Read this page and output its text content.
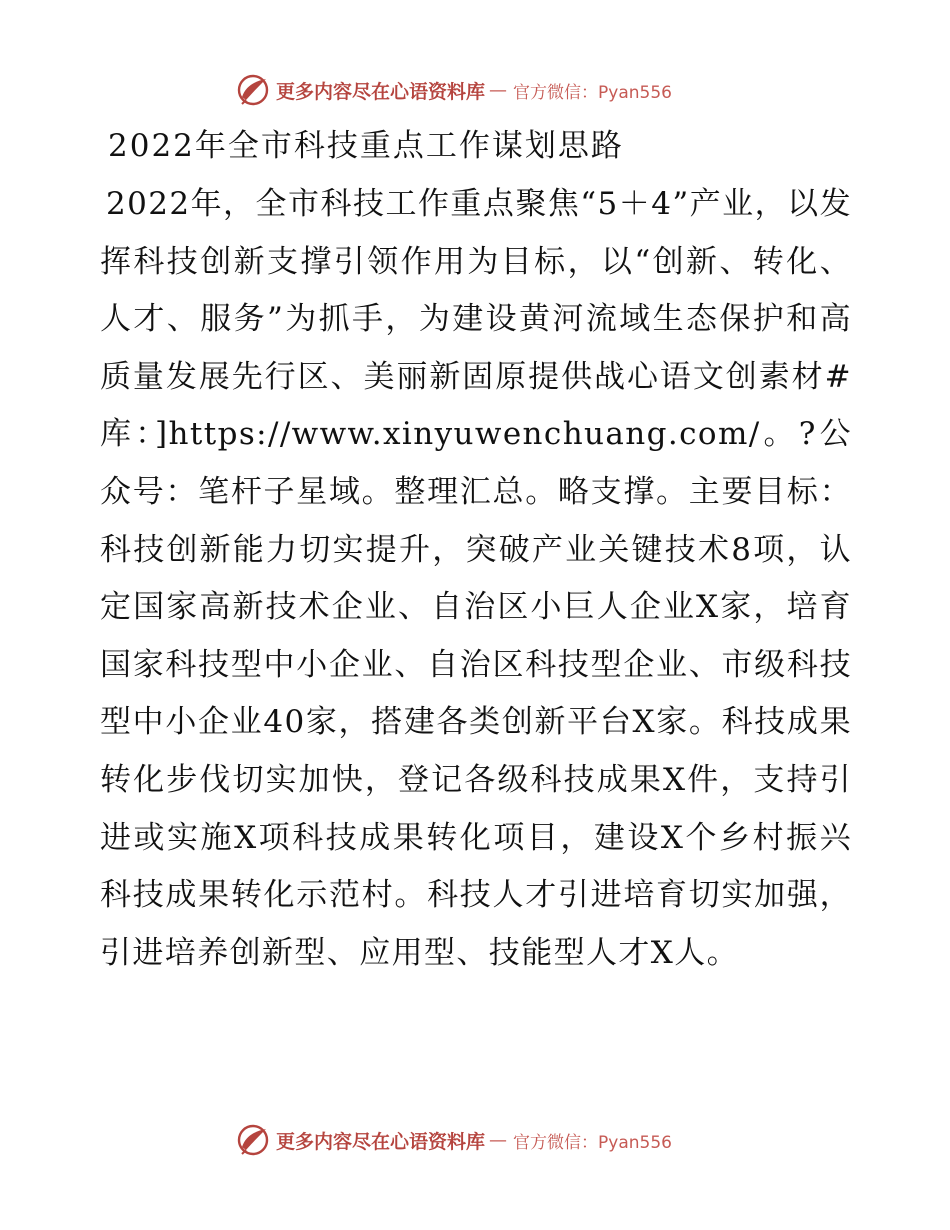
更多内容尽在心语资料库 — 官方微信：Pyan556
2022年全市科技重点工作谋划思路

2022年，全市科技工作重点聚焦“5＋4”产业，以发挥科技创新支撑引领作用为目标，以“创新、转化、人才、服务”为抓手，为建设黄河流域生态保护和高质量发展先行区、美丽新固原提供战心语文创素材#库：]https://www.xinyuwenchuang.com/。?公众号：笔杆子星域。整理汇总。略支撑。主要目标：科技创新能力切实提升，突破产业关键技术8项，认定国家高新技术企业、自治区小巨人企业X家，培育国家科技型中小企业、自治区科技型企业、市级科技型中小企业40家，搭建各类创新平台X家。科技成果转化步伐切实加快，登记各级科技成果X件，支持引进或实施X项科技成果转化项目，建设X个乡村振兴科技成果转化示范村。科技人才引进培育切实加强，引进培养创新型、应用型、技能型人才X人。

更多内容尽在心语资料库 — 官方微信：Pyan556
